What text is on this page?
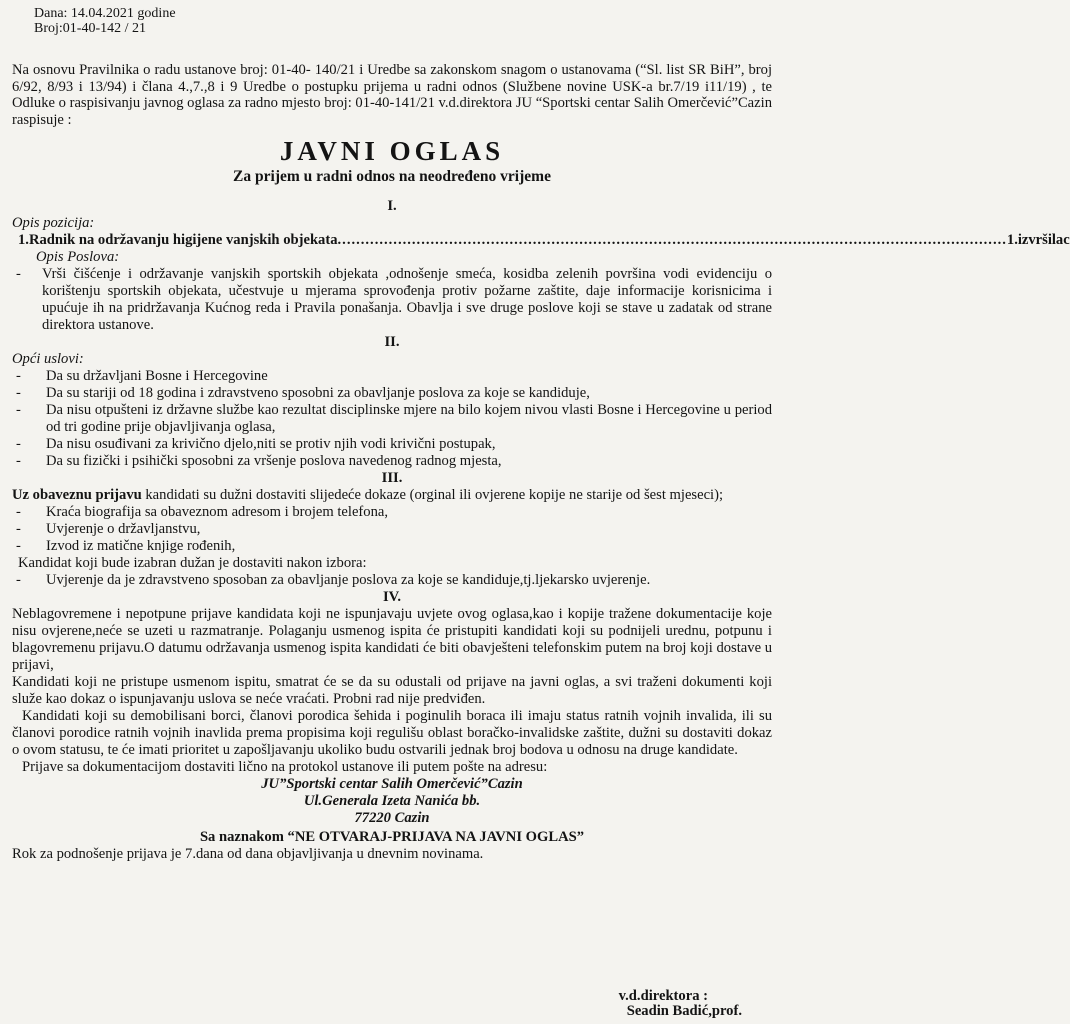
Dana: 14.04.2021 godine
Broj:01-40-142 / 21
Na osnovu Pravilnika o radu ustanove broj: 01-40- 140/21 i Uredbe sa zakonskom snagom o ustanovama (“Sl. list SR BiH”, broj 6/92, 8/93 i 13/94) i člana 4.,7.,8 i 9 Uredbe o postupku prijema u radni odnos (Službene novine USK-a br.7/19 i11/19) , te Odluke o raspisivanju javnog oglasa za radno mjesto broj: 01-40-141/21 v.d.direktora JU “Sportski centar Salih Omerčević”Cazin raspisuje :
JAVNI OGLAS
Za prijem u radni odnos na neodređeno vrijeme
I.
Opis pozicija:
1. Radnik na održavanju higijene vanjskih objekata ................................................................................................................................................ 1.izvršilac
Opis Poslova:
-	Vrši čišćenje i održavanje vanjskih sportskih objekata ,odnošenje smeća, kosidba zelenih površina vodi evidenciju o korištenju sportskih objekata, učestvuje u mjerama sprovođenja protiv požarne zaštite, daje informacije korisnicima i upućuje ih na pridržavanja Kućnog reda i Pravila ponašanja. Obavlja i sve druge poslove koji se stave u zadatak od strane direktora ustanove.
II.
Opći uslovi:
-	Da su državljani Bosne i Hercegovine
-	Da su stariji od 18 godina i zdravstveno sposobni za obavljanje poslova za koje se kandiduje,
-	Da nisu otpušteni iz državne službe kao rezultat disciplinske mjere na bilo kojem nivou vlasti Bosne i Hercegovine u period od tri godine prije objavljivanja oglasa,
-	Da nisu osuđivani za krivično djelo,niti se protiv njih vodi krivični postupak,
-	Da su fizički i psihički sposobni za vršenje poslova navedenog radnog mjesta,
III.
Uz obaveznu prijavu kandidati su dužni dostaviti slijedeće dokaze (orginal ili ovjerene kopije ne starije od šest mjeseci);
-	Kraća biografija sa obaveznom adresom i brojem telefona,
-	Uvjerenje o državljanstvu,
-	Izvod iz matične knjige rođenih,
Kandidat koji bude izabran dužan je dostaviti nakon izbora:
-	Uvjerenje da je zdravstveno sposoban za obavljanje poslova za koje se kandiduje,tj.ljekarsko uvjerenje.
IV.
Neblagovremene i nepotpune prijave kandidata koji ne ispunjavaju uvjete ovog oglasa,kao i kopije tražene dokumentacije koje nisu ovjerene,neće se uzeti u razmatranje. Polaganju usmenog ispita će pristupiti kandidati koji su podnijeli urednu, potpunu i blagovremenu prijavu.O datumu održavanja usmenog ispita kandidati će biti obavješteni telefonskim putem na broj koji dostave u prijavi,
Kandidati koji ne pristupe usmenom ispitu, smatrat će se da su odustali od prijave na javni oglas, a svi traženi dokumenti koji služe kao dokaz o ispunjavanju uslova se neće vraćati. Probni rad nije predviđen.
Kandidati koji su demobilisani borci, članovi porodica šehida i poginulih boraca ili imaju status ratnih vojnih invalida, ili su članovi porodice ratnih vojnih inavlida prema propisima koji regulišu oblast boračko-invalidske zaštite, dužni su dostaviti dokaz o ovom statusu, te će imati prioritet u zapošljavanju ukoliko budu ostvarili jednak broj bodova u odnosu na druge kandidate.
Prijave sa dokumentacijom dostaviti lično na protokol ustanove ili putem pošte na adresu:
JU”Sportski centar Salih Omerčević”Cazin
Ul.Generala Izeta Nanića bb.
77220 Cazin
Sa naznakom “NE OTVARAJ-PRIJAVA NA JAVNI OGLAS”
Rok za podnošenje prijava je 7.dana od dana objavljivanja u dnevnim novinama.
v.d.direktora :
Seadin Badić,prof.
